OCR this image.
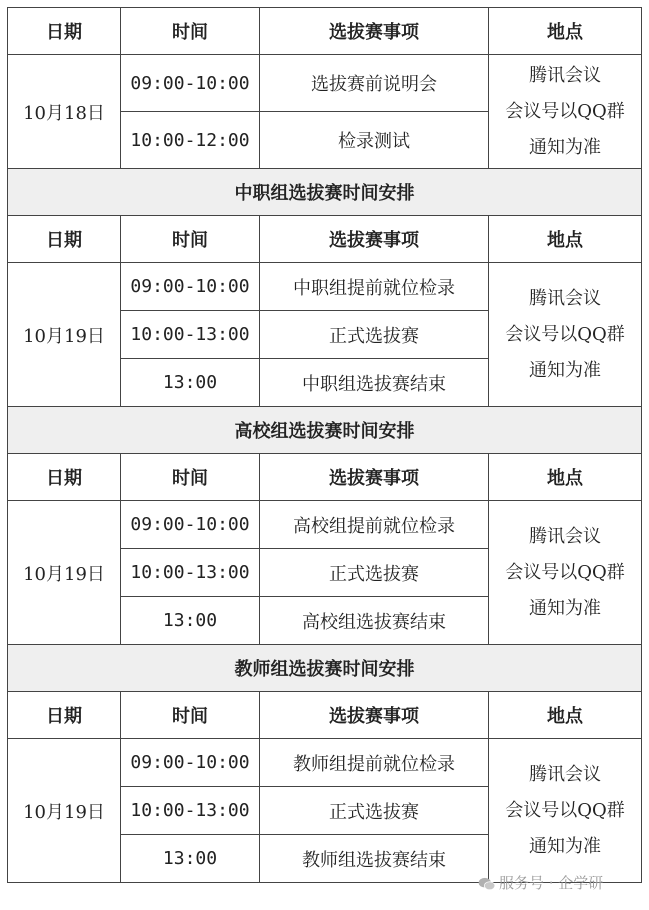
日期	时间	选拔赛事项	地点
10月18日	09:00-10:00	选拔赛前说明会	腾讯会议
会议号以QQ群
通知为准

	10:00-12:00	检录测试	
中职组选拔赛时间安排			
日期	时间	选拔赛事项	地点
10月19日	09:00-10:00	中职组提前就位检录	腾讯会议
会议号以QQ群
通知为准

	10:00-13:00	正式选拔赛	
	13:00	中职组选拔赛结束	
高校组选拔赛时间安排			
日期	时间	选拔赛事项	地点
10月19日	09:00-10:00	高校组提前就位检录	腾讯会议
会议号以QQ群
通知为准

	10:00-13:00	正式选拔赛	
	13:00	高校组选拔赛结束	
教师组选拔赛时间安排			
日期	时间	选拔赛事项	地点
10月19日	09:00-10:00	教师组提前就位检录	腾讯会议
会议号以QQ群
通知为准

	10:00-13:00	正式选拔赛	
	13:00	教师组选拔赛结束	
服务号 · 企学研
